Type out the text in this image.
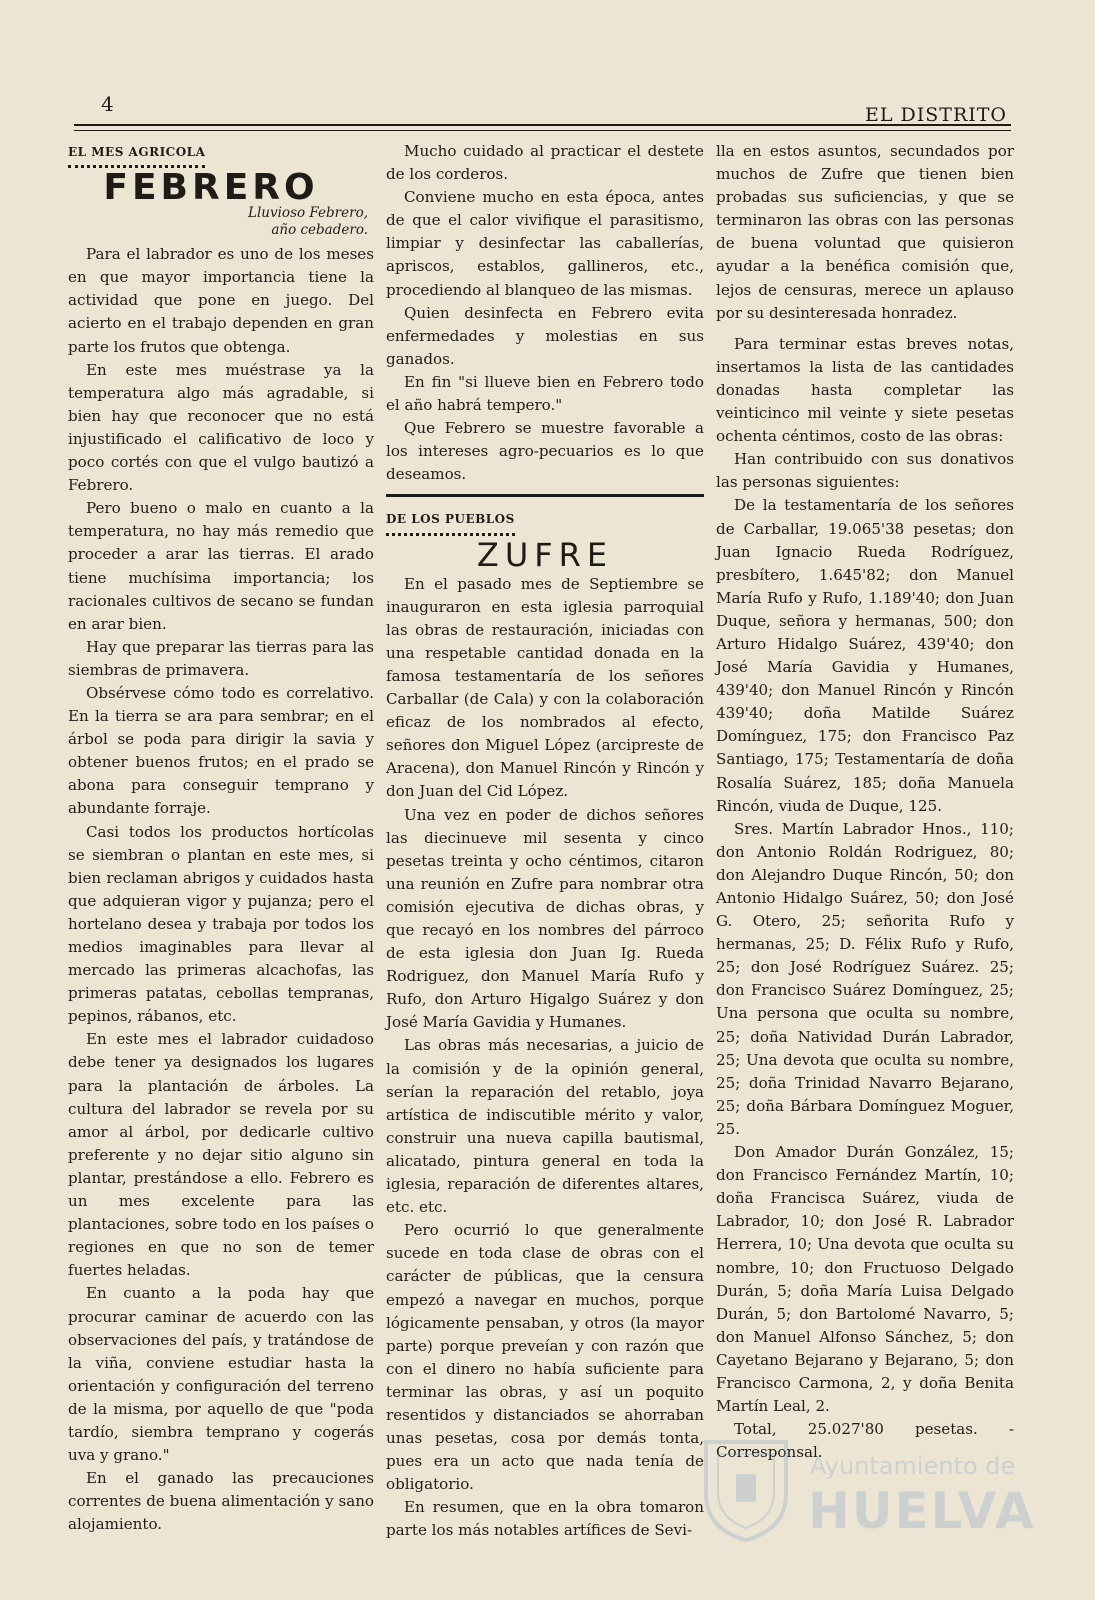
4	EL DISTRITO
EL MES AGRICOLA
FEBRERO
Lluvioso Febrero,
año cebadero.

Para el labrador es uno de los meses en que mayor importancia tiene la actividad que pone en juego. Del acierto en el trabajo dependen en gran parte los frutos que obtenga.

En este mes muéstrase ya la temperatura algo más agradable, si bien hay que reconocer que no está injustificado el calificativo de loco y poco cortés con que el vulgo bautizó a Febrero.

Pero bueno o malo en cuanto a la temperatura, no hay más remedio que proceder a arar las tierras. El arado tiene muchísima importancia; los racionales cultivos de secano se fundan en arar bien.

Hay que preparar las tierras para las siembras de primavera.

Obsérvese cómo todo es correlativo. En la tierra se ara para sembrar; en el árbol se poda para dirigir la savia y obtener buenos frutos; en el prado se abona para conseguir temprano y abundante forraje.

Casi todos los productos hortícolas se siembran o plantan en este mes, si bien reclaman abrigos y cuidados hasta que adquieran vigor y pujanza; pero el hortelano desea y trabaja por todos los medios imaginables para llevar al mercado las primeras alcachofas, las primeras patatas, cebollas tempranas, pepinos, rábanos, etc.

En este mes el labrador cuidadoso debe tener ya designados los lugares para la plantación de árboles. La cultura del labrador se revela por su amor al árbol, por dedicarle cultivo preferente y no dejar sitio alguno sin plantar, prestándose a ello. Febrero es un mes excelente para las plantaciones, sobre todo en los países o regiones en que no son de temer fuertes heladas.

En cuanto a la poda hay que procurar caminar de acuerdo con las observaciones del país, y tratándose de la viña, conviene estudiar hasta la orientación y configuración del terreno de la misma, por aquello de que "poda tardío, siembra temprano y cogerás uva y grano."

En el ganado las precauciones correntes de buena alimentación y sano alojamiento.

Mucho cuidado al practicar el destete de los corderos.

Conviene mucho en esta época, antes de que el calor vivifique el parasitismo, limpiar y desinfectar las caballerías, apriscos, establos, gallineros, etc., procediendo al blanqueo de las mismas.

Quien desinfecta en Febrero evita enfermedades y molestias en sus ganados.

En fin "si llueve bien en Febrero todo el año habrá tempero."

Que Febrero se muestre favorable a los intereses agro-pecuarios es lo que deseamos.

DE LOS PUEBLOS
ZUFRE

En el pasado mes de Septiembre se inauguraron en esta iglesia parroquial las obras de restauración, iniciadas con una respetable cantidad donada en la famosa testamentaría de los señores Carballar (de Cala) y con la colaboración eficaz de los nombrados al efecto, señores don Miguel López (arcipreste de Aracena), don Manuel Rincón y Rincón y don Juan del Cid López.

Una vez en poder de dichos señores las diecinueve mil sesenta y cinco pesetas treinta y ocho céntimos, citaron una reunión en Zufre para nombrar otra comisión ejecutiva de dichas obras, y que recayó en los nombres del párroco de esta iglesia don Juan Ig. Rueda Rodriguez, don Manuel María Rufo y Rufo, don Arturo Higalgo Suárez y don José María Gavidia y Humanes.

Las obras más necesarias, a juicio de la comisión y de la opinión general, serían la reparación del retablo, joya artística de indiscutible mérito y valor, construir una nueva capilla bautismal, alicatado, pintura general en toda la iglesia, reparación de diferentes altares, etc. etc.

Pero ocurrió lo que generalmente sucede en toda clase de obras con el carácter de públicas, que la censura empezó a navegar en muchos, porque lógicamente pensaban, y otros (la mayor parte) porque preveían y con razón que con el dinero no había suficiente para terminar las obras, y así un poquito resentidos y distanciados se ahorraban unas pesetas, cosa por demás tonta, pues era un acto que nada tenía de obligatorio.

En resumen, que en la obra tomaron parte los más notables artífices de Sevi-

lla en estos asuntos, secundados por muchos de Zufre que tienen bien probadas sus suficiencias, y que se terminaron las obras con las personas de buena voluntad que quisieron ayudar a la benéfica comisión que, lejos de censuras, merece un aplauso por su desinteresada honradez.

Para terminar estas breves notas, insertamos la lista de las cantidades donadas hasta completar las veinticinco mil veinte y siete pesetas ochenta céntimos, costo de las obras:

Han contribuido con sus donativos las personas siguientes:

De la testamentaría de los señores de Carballar, 19.065'38 pesetas; don Juan Ignacio Rueda Rodríguez, presbítero, 1.645'82; don Manuel María Rufo y Rufo, 1.189'40; don Juan Duque, señora y hermanas, 500; don Arturo Hidalgo Suárez, 439'40; don José María Gavidia y Humanes, 439'40; don Manuel Rincón y Rincón 439'40; doña Matilde Suárez Domínguez, 175; don Francisco Paz Santiago, 175; Testamentaría de doña Rosalía Suárez, 185; doña Manuela Rincón, viuda de Duque, 125.

Sres. Martín Labrador Hnos., 110; don Antonio Roldán Rodriguez, 80; don Alejandro Duque Rincón, 50; don Antonio Hidalgo Suárez, 50; don José G. Otero, 25; señorita Rufo y hermanas, 25; D. Félix Rufo y Rufo, 25; don José Rodríguez Suárez. 25; don Francisco Suárez Domínguez, 25; Una persona que oculta su nombre, 25; doña Natividad Durán Labrador, 25; Una devota que oculta su nombre, 25; doña Trinidad Navarro Bejarano, 25; doña Bárbara Domínguez Moguer, 25.

Don Amador Durán González, 15; don Francisco Fernández Martín, 10; doña Francisca Suárez, viuda de Labrador, 10; don José R. Labrador Herrera, 10; Una devota que oculta su nombre, 10; don Fructuoso Delgado Durán, 5; doña María Luisa Delgado Durán, 5; don Bartolomé Navarro, 5; don Manuel Alfonso Sánchez, 5; don Cayetano Bejarano y Bejarano, 5; don Francisco Carmona, 2, y doña Benita Martín Leal, 2.

Total, 25.027'80 pesetas. - Corresponsal.

Ayuntamiento de
HUELVA
